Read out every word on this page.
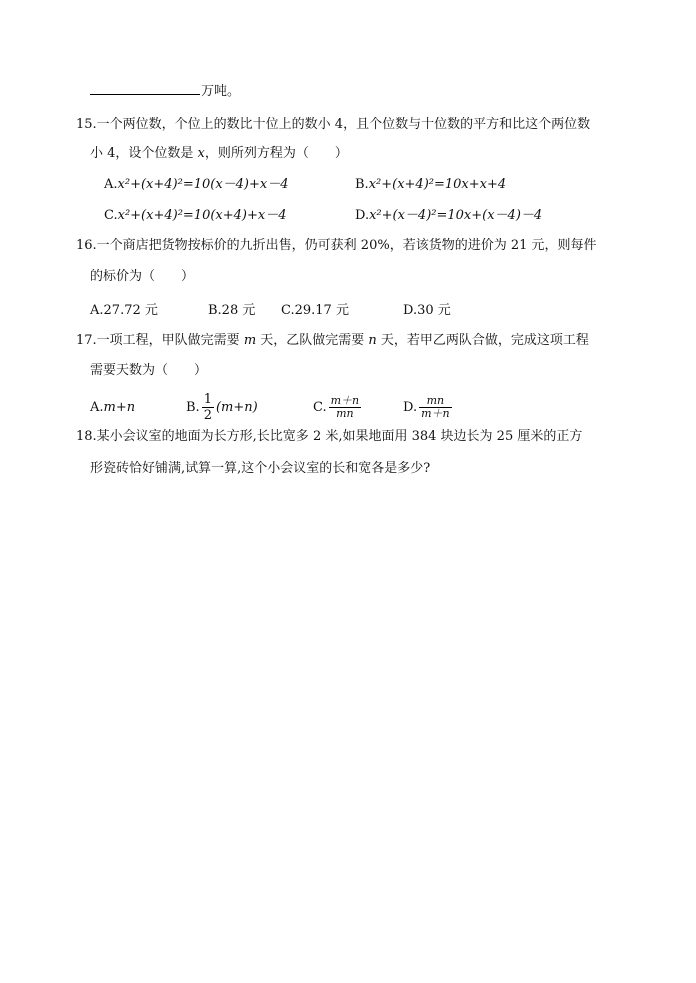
万吨。
15.一个两位数，个位上的数比十位上的数小 4，且个位数与十位数的平方和比这个两位数
小 4，设个位数是 x，则所列方程为（　　）
A.x²+(x+4)²=10(x－4)+x－4	B.x²+(x+4)²=10x+x+4
C.x²+(x+4)²=10(x+4)+x－4	D.x²+(x－4)²=10x+(x－4)－4
16.一个商店把货物按标价的九折出售，仍可获利 20%，若该货物的进价为 21 元，则每件
的标价为（　　）
A.27.72 元	B.28 元 C.29.17 元	D.30 元
17.一项工程，甲队做完需要 m 天，乙队做完需要 n 天，若甲乙两队合做，完成这项工程
需要天数为（　　）
A.m+n	B. $\frac{1}{2} (m+n)$	C. $\frac{m+n}{mn}$	D. $\frac{mn}{m+n}$
18.某小会议室的地面为长方形,长比宽多 2 米,如果地面用 384 块边长为 25 厘米的正方
形瓷砖恰好铺满,试算一算,这个小会议室的长和宽各是多少?
